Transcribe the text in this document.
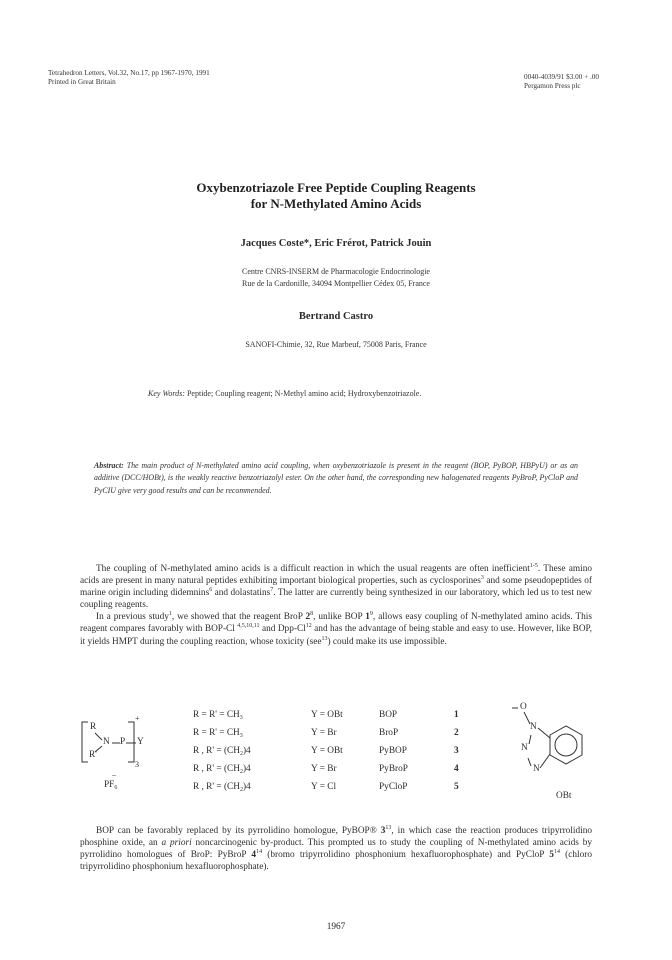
Tetrahedron Letters, Vol.32, No.17, pp 1967-1970, 1991
Printed in Great Britain
0040-4039/91 $3.00 + .00
Pergamon Press plc
Oxybenzotriazole Free Peptide Coupling Reagents
for N-Methylated Amino Acids
Jacques Coste*, Eric Frérot, Patrick Jouin
Centre CNRS-INSERM de Pharmacologie Endocrinologie
Rue de la Cardonille, 34094 Montpellier Cédex 05, France
Bertrand Castro
SANOFI-Chimie, 32, Rue Marbeuf, 75008 Paris, France
Key Words: Peptide; Coupling reagent; N-Methyl amino acid; Hydroxybenzotriazole.
Abstract: The main product of N-methylated amino acid coupling, when oxybenzotriazole is present in the reagent (BOP, PyBOP, HBPyU) or as an additive (DCC/HOBt), is the weakly reactive benzotriazolyl ester. On the other hand, the corresponding new halogenated reagents PyBroP, PyCloP and PyCIU give very good results and can be recommended.

The coupling of N-methylated amino acids is a difficult reaction in which the usual reagents are often inefficient$^{1-5}$. These amino acids are present in many natural peptides exhibiting important biological properties, such as cyclosporines$^3$ and some pseudopeptides of marine origin including didemnins$^6$ and dolastatins$^7$. The latter are currently being synthesized in our laboratory, which led us to test new coupling reagents.

In a previous study$^1$, we showed that the reagent BroP $2^8$, unlike BOP $1^9$, allows easy coupling of N-methylated amino acids. This reagent compares favorably with BOP-Cl $^{4,5,10,11}$ and Dpp-Cl$^{12}$ and has the advantage of being stable and easy to use. However, like BOP, it yields HMPT during the coupling reaction, whose toxicity (see$^{13}$) could make its use impossible.

R
R'
N P Y
+
3
_
$PF_6$
$R = R' = CH_3$	Y = OBt	BOP	1
$R = R' = CH_3$	Y = Br	BroP	2
R , $R' = (CH_2)4$	Y = OBt	PyBOP	3
R , $R' = (CH_2)4$	Y = Br	PyBroP	4
R , $R' = (CH_2)4$	Y = Cl	PyCloP	5
O
N
N
N
OBt

BOP can be favorably replaced by its pyrrolidino homologue, PyBOP® $3^{13}$, in which case the reaction produces tripyrrolidino phosphine oxide, an a priori noncarcinogenic by-product. This prompted us to study the coupling of N-methylated amino acids by pyrrolidino homologues of BroP: PyBroP $4^{14}$ (bromo tripyrrolidino phosphonium hexafluorophosphate) and PyCloP $5^{14}$ (chloro tripyrrolidino phosphonium hexafluorophosphate).

1967
